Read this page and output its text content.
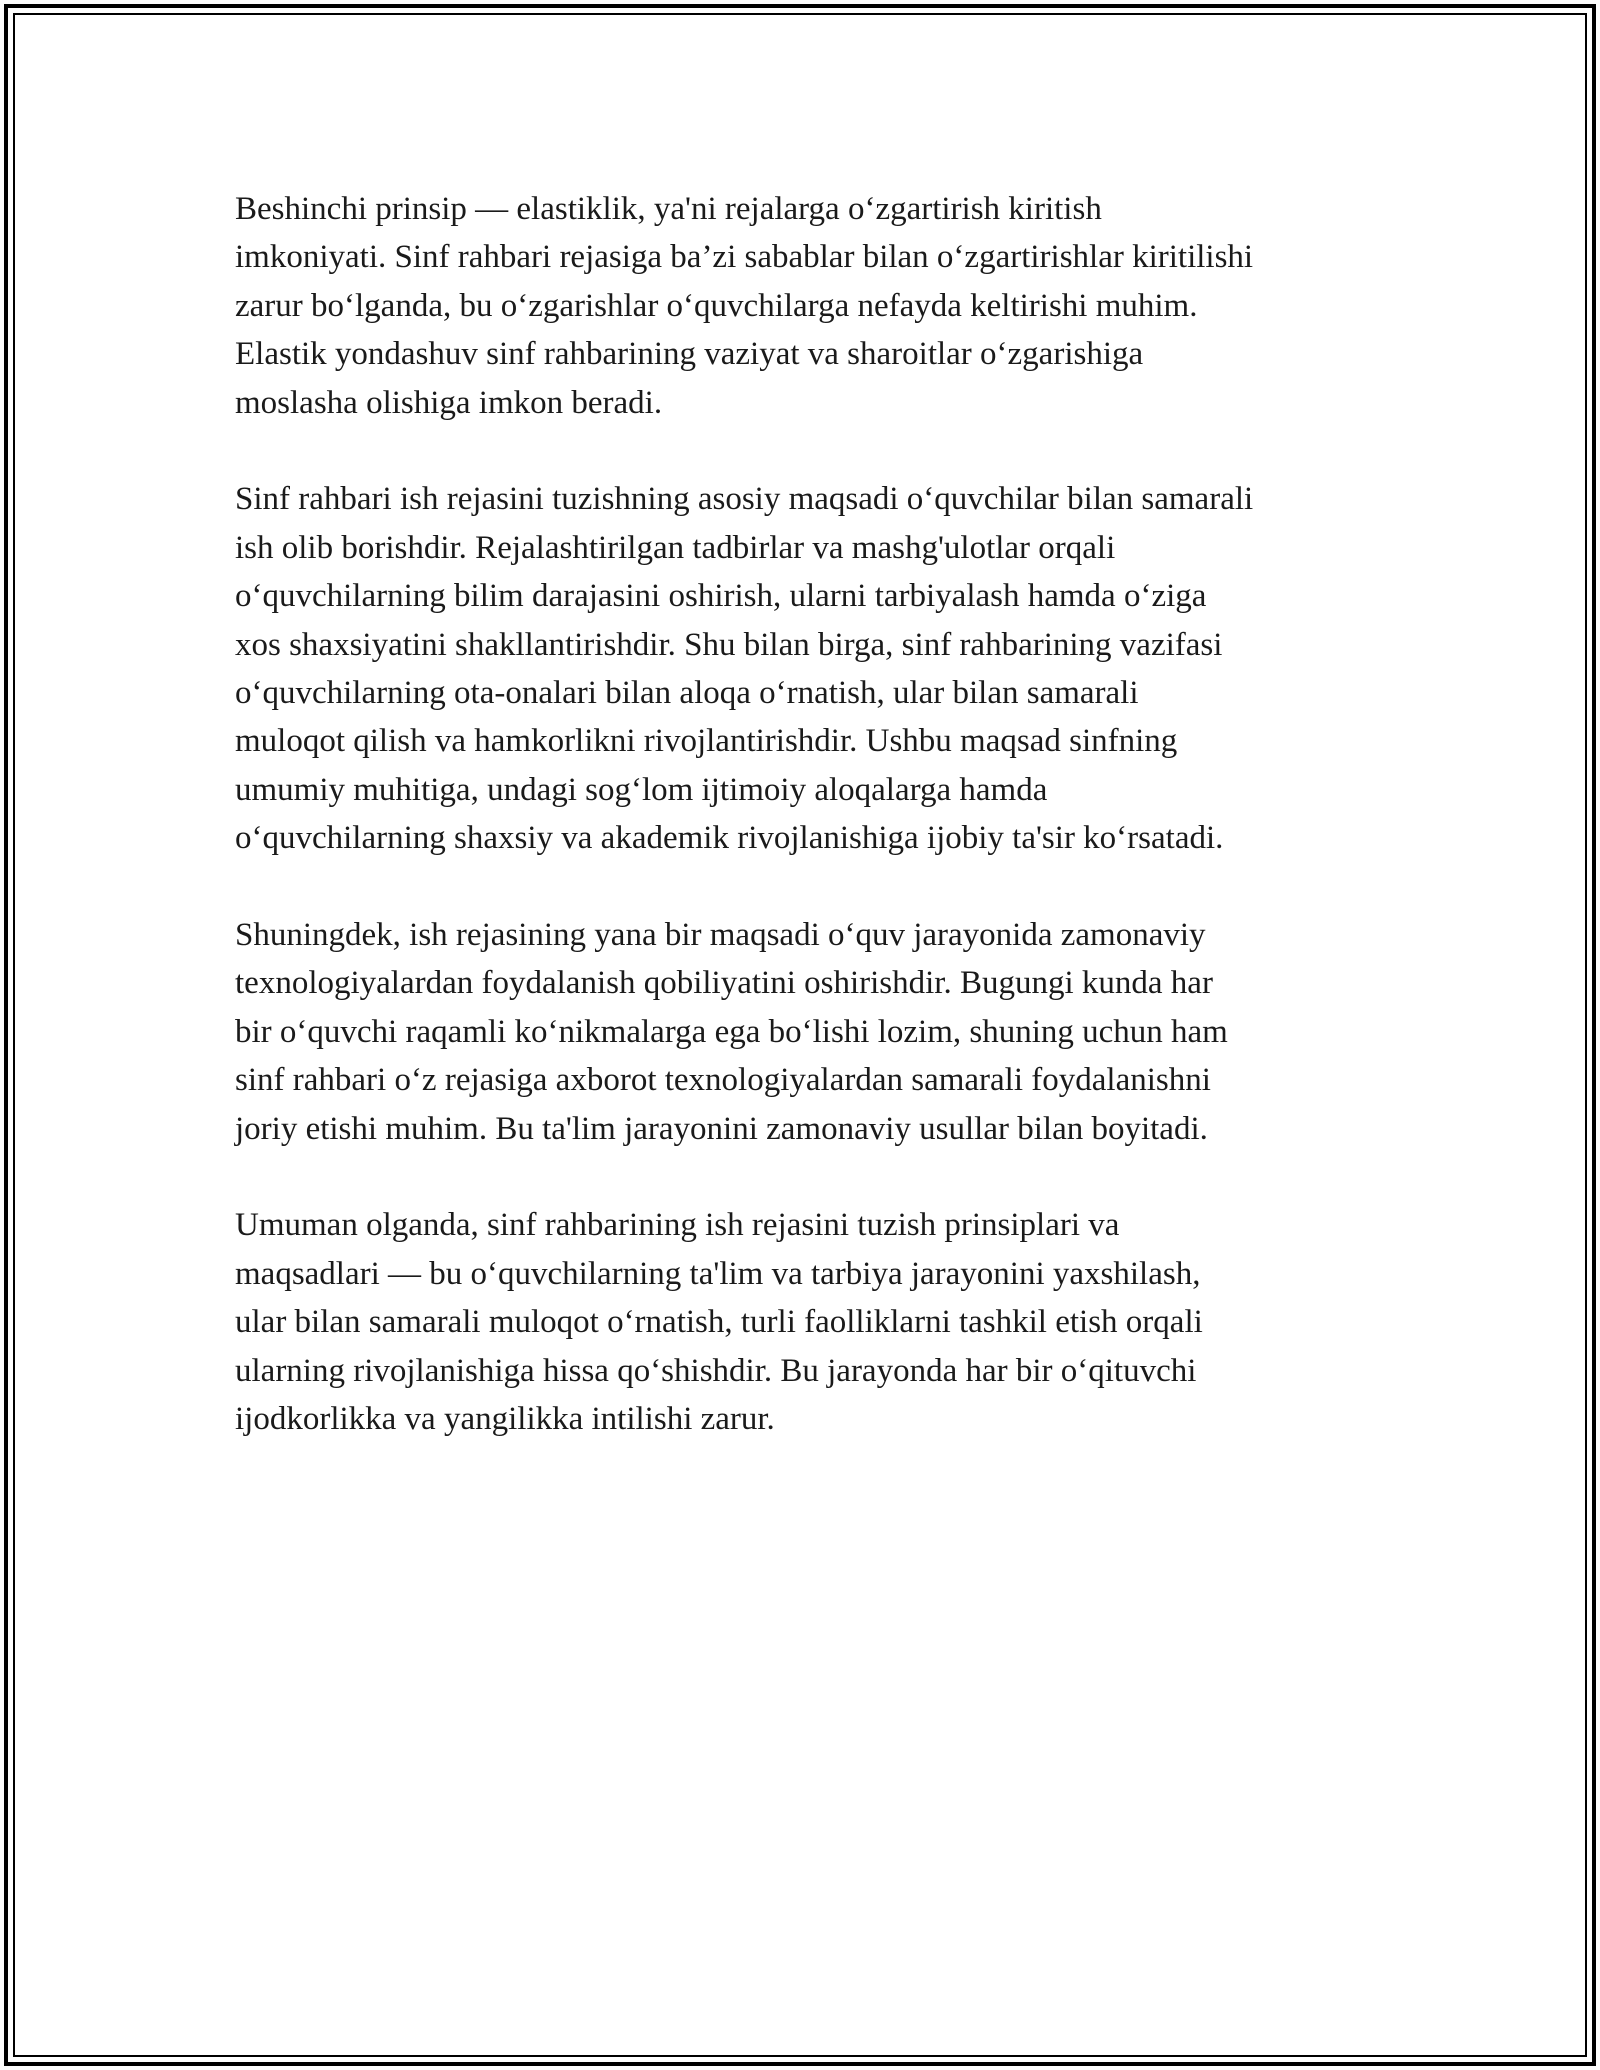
Beshinchi prinsip — elastiklik, ya'ni rejalarga o‘zgartirish kiritish
imkoniyati. Sinf rahbari rejasiga ba’zi sabablar bilan o‘zgartirishlar kiritilishi
zarur bo‘lganda, bu o‘zgarishlar o‘quvchilarga nefayda keltirishi muhim.
Elastik yondashuv sinf rahbarining vaziyat va sharoitlar o‘zgarishiga
moslasha olishiga imkon beradi.

Sinf rahbari ish rejasini tuzishning asosiy maqsadi o‘quvchilar bilan samarali
ish olib borishdir. Rejalashtirilgan tadbirlar va mashg'ulotlar orqali
o‘quvchilarning bilim darajasini oshirish, ularni tarbiyalash hamda o‘ziga
xos shaxsiyatini shakllantirishdir. Shu bilan birga, sinf rahbarining vazifasi
o‘quvchilarning ota-onalari bilan aloqa o‘rnatish, ular bilan samarali
muloqot qilish va hamkorlikni rivojlantirishdir. Ushbu maqsad sinfning
umumiy muhitiga, undagi sog‘lom ijtimoiy aloqalarga hamda
o‘quvchilarning shaxsiy va akademik rivojlanishiga ijobiy ta'sir ko‘rsatadi.

Shuningdek, ish rejasining yana bir maqsadi o‘quv jarayonida zamonaviy
texnologiyalardan foydalanish qobiliyatini oshirishdir. Bugungi kunda har
bir o‘quvchi raqamli ko‘nikmalarga ega bo‘lishi lozim, shuning uchun ham
sinf rahbari o‘z rejasiga axborot texnologiyalardan samarali foydalanishni
joriy etishi muhim. Bu ta'lim jarayonini zamonaviy usullar bilan boyitadi.

Umuman olganda, sinf rahbarining ish rejasini tuzish prinsiplari va
maqsadlari — bu o‘quvchilarning ta'lim va tarbiya jarayonini yaxshilash,
ular bilan samarali muloqot o‘rnatish, turli faolliklarni tashkil etish orqali
ularning rivojlanishiga hissa qo‘shishdir. Bu jarayonda har bir o‘qituvchi
ijodkorlikka va yangilikka intilishi zarur.
